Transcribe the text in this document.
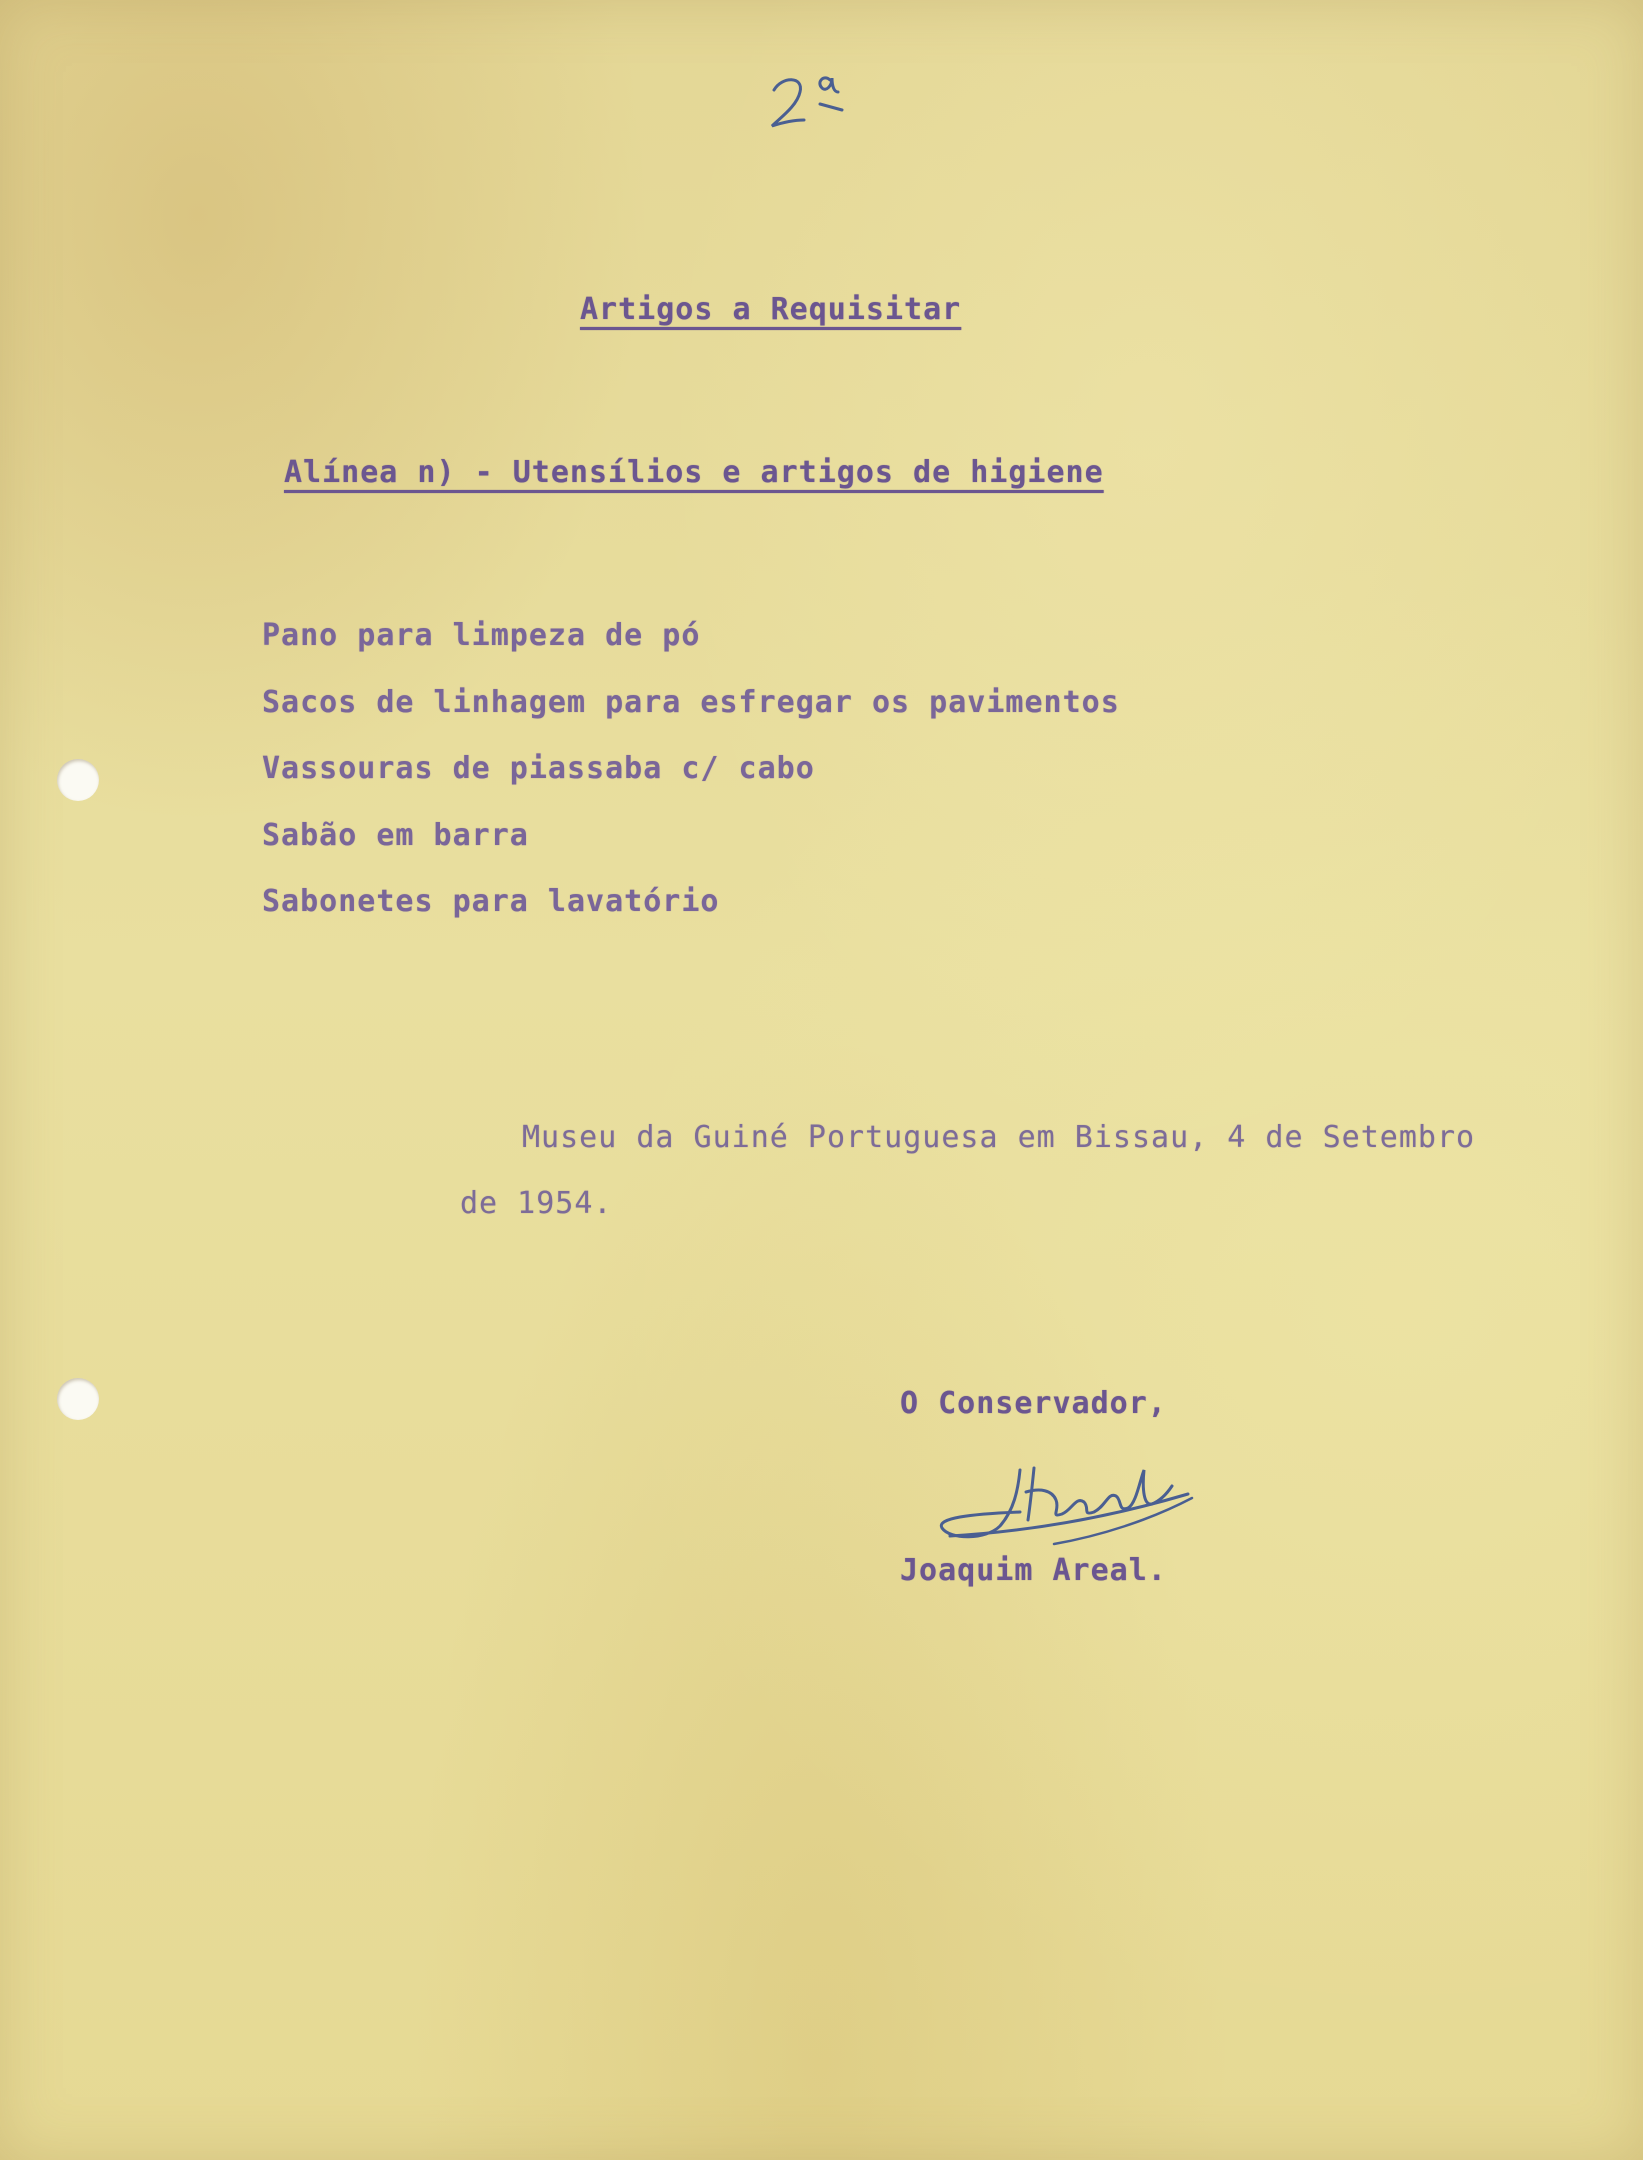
Artigos a Requisitar
Alínea n) - Utensílios e artigos de higiene
Pano para limpeza de pó
Sacos de linhagem para esfregar os pavimentos
Vassouras de piassaba c/ cabo
Sabão em barra
Sabonetes para lavatório
Museu da Guiné Portuguesa em Bissau, 4 de Setembro
de 1954.
O Conservador,
Joaquim Areal.
